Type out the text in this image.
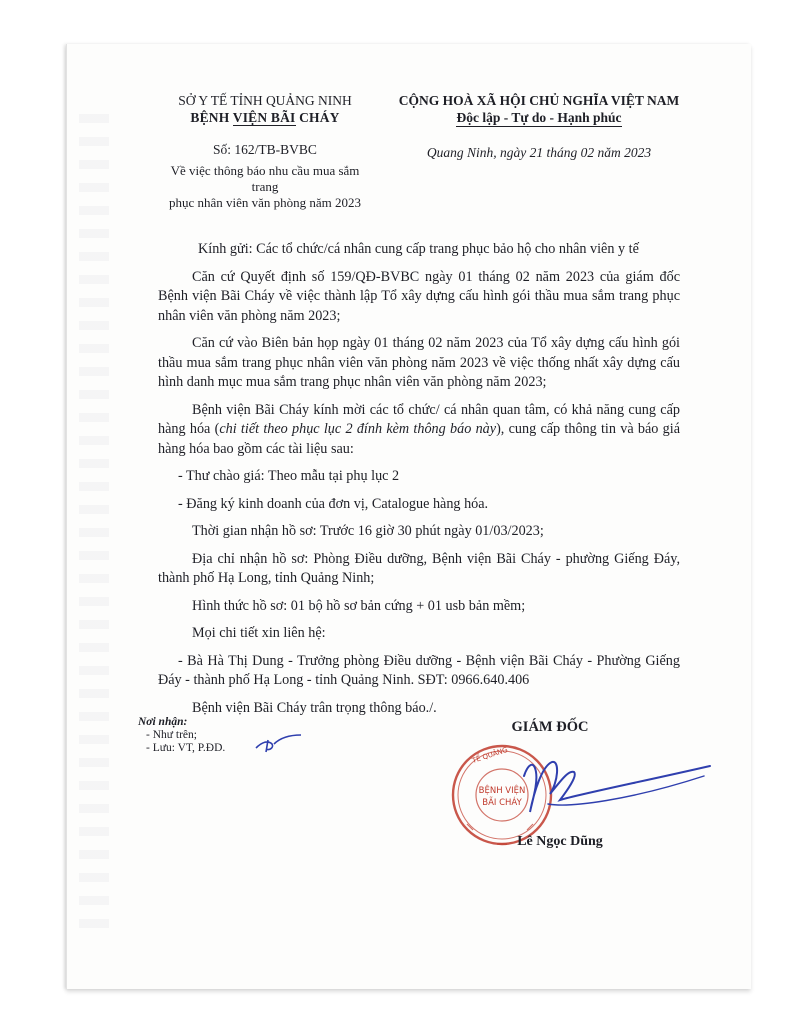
SỞ Y TẾ TỈNH QUẢNG NINH
BỆNH VIỆN BÃI CHÁY
CỘNG HOÀ XÃ HỘI CHỦ NGHĨA VIỆT NAM
Độc lập - Tự do - Hạnh phúc
Số: 162/TB-BVBC
Về việc thông báo nhu cầu mua sắm trang
phục nhân viên văn phòng năm 2023
Quang Ninh, ngày 21 tháng 02 năm 2023

Kính gửi: Các tổ chức/cá nhân cung cấp trang phục bảo hộ cho nhân viên y tế

Căn cứ Quyết định số 159/QĐ-BVBC ngày 01 tháng 02 năm 2023 của giám đốc Bệnh viện Bãi Cháy về việc thành lập Tổ xây dựng cấu hình gói thầu mua sắm trang phục nhân viên văn phòng năm 2023;

Căn cứ vào Biên bản họp ngày 01 tháng 02 năm 2023 của Tổ xây dựng cấu hình gói thầu mua sắm trang phục nhân viên văn phòng năm 2023 về việc thống nhất xây dựng cấu hình danh mục mua sắm trang phục nhân viên văn phòng năm 2023;

Bệnh viện Bãi Cháy kính mời các tổ chức/ cá nhân quan tâm, có khả năng cung cấp hàng hóa (chi tiết theo phục lục 2 đính kèm thông báo này), cung cấp thông tin và báo giá hàng hóa bao gồm các tài liệu sau:

- Thư chào giá: Theo mẫu tại phụ lục 2

- Đăng ký kinh doanh của đơn vị, Catalogue hàng hóa.

Thời gian nhận hồ sơ: Trước 16 giờ 30 phút ngày 01/03/2023;

Địa chỉ nhận hồ sơ: Phòng Điều dưỡng, Bệnh viện Bãi Cháy - phường Giếng Đáy, thành phố Hạ Long, tỉnh Quảng Ninh;

Hình thức hồ sơ: 01 bộ hồ sơ bản cứng + 01 usb bản mềm;

Mọi chi tiết xin liên hệ:

- Bà Hà Thị Dung - Trưởng phòng Điều dưỡng - Bệnh viện Bãi Cháy - Phường Giếng Đáy - thành phố Hạ Long - tỉnh Quảng Ninh. SĐT: 0966.640.406

Bệnh viện Bãi Cháy trân trọng thông báo./.

Nơi nhận:
- Như trên;
- Lưu: VT, P.ĐD.
GIÁM ĐỐC
TẾ QUẢNG
BỆNH VIỆN
BÃI CHÁY
Lê Ngọc Dũng
